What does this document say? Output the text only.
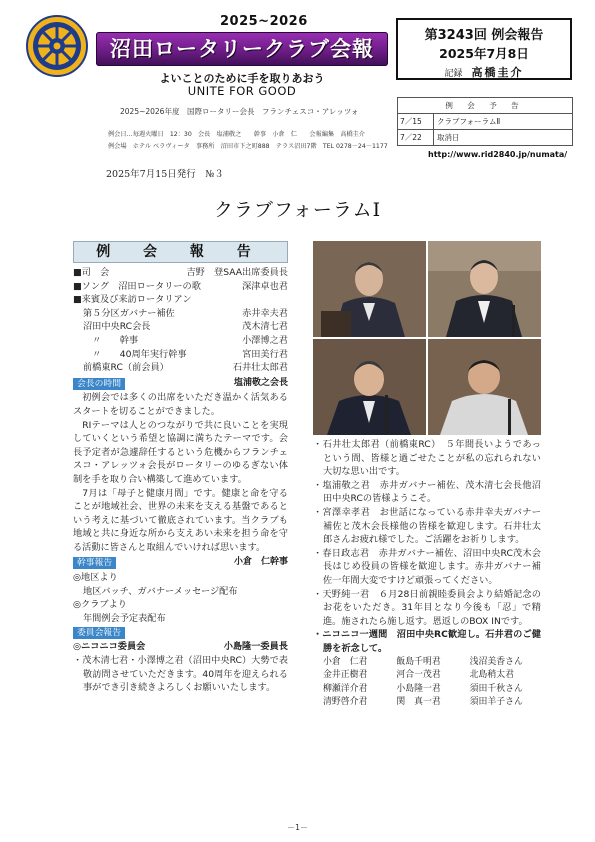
2025~2026
沼田ロータリークラブ会報
よいことのために手を取りあおう
UNITE FOR GOOD
第3243回 例会報告
2025年7月8日
記録　 高橋圭介
2025~2026年度　国際ロータリー会長　フランチェスコ・アレッツォ
例会日…毎週火曜日　12：30　会長　塩浦敬之　　幹事　小倉　仁　　会報編集　高橋圭介
例会場　ホテル ベラヴィータ　事務所　沼田市下之町888　テラス沼田7階　TEL 0278－24－1177
例 会 予 告
7／15	クラブフォーラムⅡ
7／22	取消日
http://www.rid2840.jp/numata/
2025年7月15日発行　№３
クラブフォーラムⅠ
例 会 報 告
■司　会	吉野　登SAA出席委員長
■ソング　沼田ロータリーの歌	深津卓也君
■来賓及び来訪ロータリアン
第５分区ガバナー補佐	赤井幸夫君
沼田中央RC会長	茂木清七君
　〃　　幹事	小澤博之君
　〃　　40周年実行幹事	宮田美行君
前橋東RC（前会員）	石井壮太郎君
会長の時間	塩浦敬之会長
初例会では多くの出席をいただき温かく活気あるスタートを切ることができました。
RIテーマは人とのつながりで共に良いことを実現していくという希望と協調に満ちたテーマです。会長予定者が急遽辞任するという危機からフランチェスコ・アレッツォ会長がロータリーのゆるぎない体制を手を取り合い構築して進めています。
7月は「母子と健康月間」です。健康と命を守ることが地域社会、世界の未来を支える基盤であるという考えに基づいて徹底されています。当クラブも地域と共に身近な所から支えあい未来を担う命を守る活動に皆さんと取組んでいければ思います。
幹事報告	小倉　仁幹事
◎地区より
地区バッチ、ガバナーメッセージ配布
◎クラブより
年間例会予定表配布
委員会報告
◎ニコニコ委員会	小島隆一委員長
・茂木清七君・小澤博之君（沼田中央RC）大勢で表敬訪問させていただきます。40周年を迎えられる事ができ引き続きよろしくお願いいたします。
・石井壮太郎君（前橋東RC）　５年間長いようであっという間、皆様と過ごせたことが私の忘れられない大切な思い出です。
・塩浦敬之君　赤井ガバナー補佐、茂木清七会長他沼田中央RCの皆様ようこそ。
・宮澤幸孝君　お世話になっている赤井幸夫ガバナー補佐と茂木会長様他の皆様を歓迎します。石井壮太郎さんお疲れ様でした。ご活躍をお祈りします。
・春日政志君　赤井ガバナー補佐、沼田中央RC茂木会長はじめ役員の皆様を歓迎します。赤井ガバナー補佐一年間大変ですけど頑張ってください。
・天野純一君　６月28日前親睦委員会より結婚記念のお花をいただき。31年目となり今後も「忍」で精進。施されたら施し返す。恩返しのBOX INです。
・ニコニコ一週間　沼田中央RC歓迎し。石井君のご健勝を祈念して。
小倉　仁君	飯島千明君	浅沼美香さん
金井正樹君	河合一茂君	北島稍太君
柳瀬洋介君	小島隆一君	須田千秋さん
清野啓介君	関　真一君	須田羊子さん
－1－
